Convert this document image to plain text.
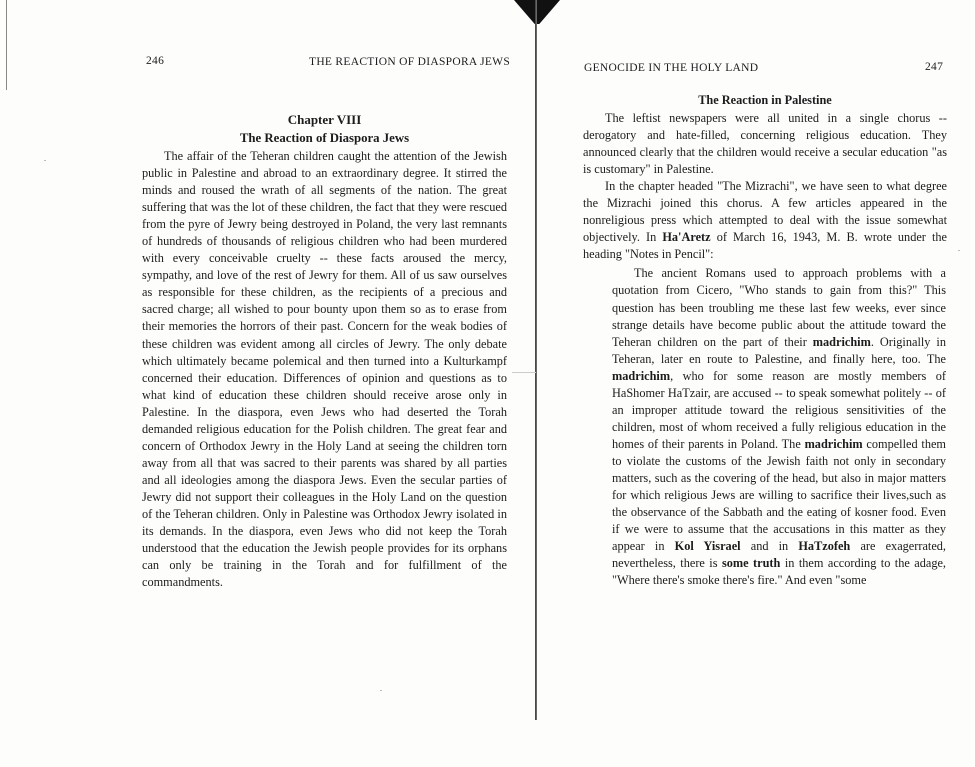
246	THE REACTION OF DIASPORA JEWS	GENOCIDE IN THE HOLY LAND	247
Chapter VIII
The Reaction of Diaspora Jews

The affair of the Teheran children caught the attention of the Jewish public in Palestine and abroad to an extraordinary degree. It stirred the minds and roused the wrath of all segments of the nation. The great suffering that was the lot of these children, the fact that they were rescued from the pyre of Jewry being destroyed in Poland, the very last remnants of hundreds of thousands of religious children who had been murdered with every conceivable cruelty -- these facts aroused the mercy, sympathy, and love of the rest of Jewry for them. All of us saw ourselves as responsible for these children, as the recipients of a precious and sacred charge; all wished to pour bounty upon them so as to erase from their memories the horrors of their past. Concern for the weak bodies of these children was evident among all circles of Jewry. The only debate which ultimately became polemical and then turned into a Kulturkampf concerned their education. Differences of opinion and questions as to what kind of education these children should receive arose only in Palestine. In the diaspora, even Jews who had deserted the Torah demanded religious education for the Polish children. The great fear and concern of Orthodox Jewry in the Holy Land at seeing the children torn away from all that was sacred to their parents was shared by all parties and all ideologies among the diaspora Jews. Even the secular parties of Jewry did not support their colleagues in the Holy Land on the question of the Teheran children. Only in Palestine was Orthodox Jewry isolated in its demands. In the diaspora, even Jews who did not keep the Torah understood that the education the Jewish people provides for its orphans can only be training in the Torah and for fulfillment of the commandments.

The Reaction in Palestine

The leftist newspapers were all united in a single chorus -- derogatory and hate-filled, concerning religious education. They announced clearly that the children would receive a secular education "as is customary" in Palestine.

In the chapter headed "The Mizrachi", we have seen to what degree the Mizrachi joined this chorus. A few articles appeared in the nonreligious press which attempted to deal with the issue somewhat objectively. In Ha'Aretz of March 16, 1943, M. B. wrote under the heading "Notes in Pencil":

The ancient Romans used to approach problems with a quotation from Cicero, "Who stands to gain from this?" This question has been troubling me these last few weeks, ever since strange details have become public about the attitude toward the Teheran children on the part of their madrichim. Originally in Teheran, later en route to Palestine, and finally here, too. The madrichim, who for some reason are mostly members of HaShomer HaTzair, are accused -- to speak somewhat politely -- of an improper attitude toward the religious sensitivities of the children, most of whom received a fully religious education in the homes of their parents in Poland. The madrichim compelled them to violate the customs of the Jewish faith not only in secondary matters, such as the covering of the head, but also in major matters for which religious Jews are willing to sacrifice their lives,such as the observance of the Sabbath and the eating of kosner food. Even if we were to assume that the accusations in this matter as they appear in Kol Yisrael and in HaTzofeh are exagerrated, nevertheless, there is some truth in them according to the adage, "Where there's smoke there's fire." And even "some
